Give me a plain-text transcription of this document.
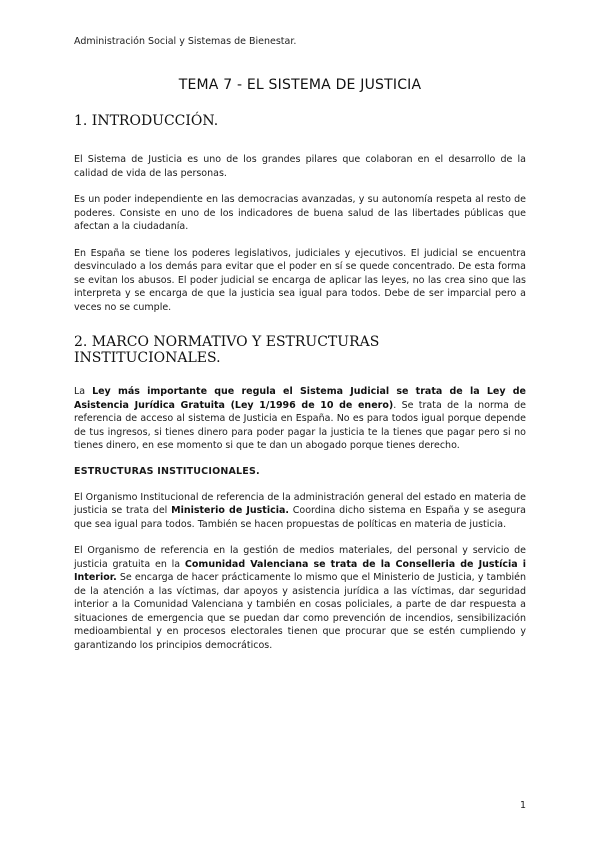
Administración Social y Sistemas de Bienestar.
TEMA 7 - EL SISTEMA DE JUSTICIA
1. INTRODUCCIÓN.

El Sistema de Justicia es uno de los grandes pilares que colaboran en el desarrollo de la calidad de vida de las personas.

Es un poder independiente en las democracias avanzadas, y su autonomía respeta al resto de poderes. Consiste en uno de los indicadores de buena salud de las libertades públicas que afectan a la ciudadanía.

En España se tiene los poderes legislativos, judiciales y ejecutivos. El judicial se encuentra desvinculado a los demás para evitar que el poder en sí se quede concentrado. De esta forma se evitan los abusos. El poder judicial se encarga de aplicar las leyes, no las crea sino que las interpreta y se encarga de que la justicia sea igual para todos. Debe de ser imparcial pero a veces no se cumple.

2. MARCO NORMATIVO Y ESTRUCTURAS INSTITUCIONALES.

La Ley más importante que regula el Sistema Judicial se trata de la Ley de Asistencia Jurídica Gratuita (Ley 1/1996 de 10 de enero). Se trata de la norma de referencia de acceso al sistema de Justicia en España. No es para todos igual porque depende de tus ingresos, si tienes dinero para poder pagar la justicia te la tienes que pagar pero si no tienes dinero, en ese momento si que te dan un abogado porque tienes derecho.

ESTRUCTURAS INSTITUCIONALES.

El Organismo Institucional de referencia de la administración general del estado en materia de justicia se trata del Ministerio de Justicia. Coordina dicho sistema en España y se asegura que sea igual para todos. También se hacen propuestas de políticas en materia de justicia.

El Organismo de referencia en la gestión de medios materiales, del personal y servicio de justicia gratuita en la Comunidad Valenciana se trata de la Conselleria de Justícia i Interior. Se encarga de hacer prácticamente lo mismo que el Ministerio de Justicia, y también de la atención a las víctimas, dar apoyos y asistencia jurídica a las víctimas, dar seguridad interior a la Comunidad Valenciana y también en cosas policiales, a parte de dar respuesta a situaciones de emergencia que se puedan dar como prevención de incendios, sensibilización medioambiental y en procesos electorales tienen que procurar que se estén cumpliendo y garantizando los principios democráticos.

1
